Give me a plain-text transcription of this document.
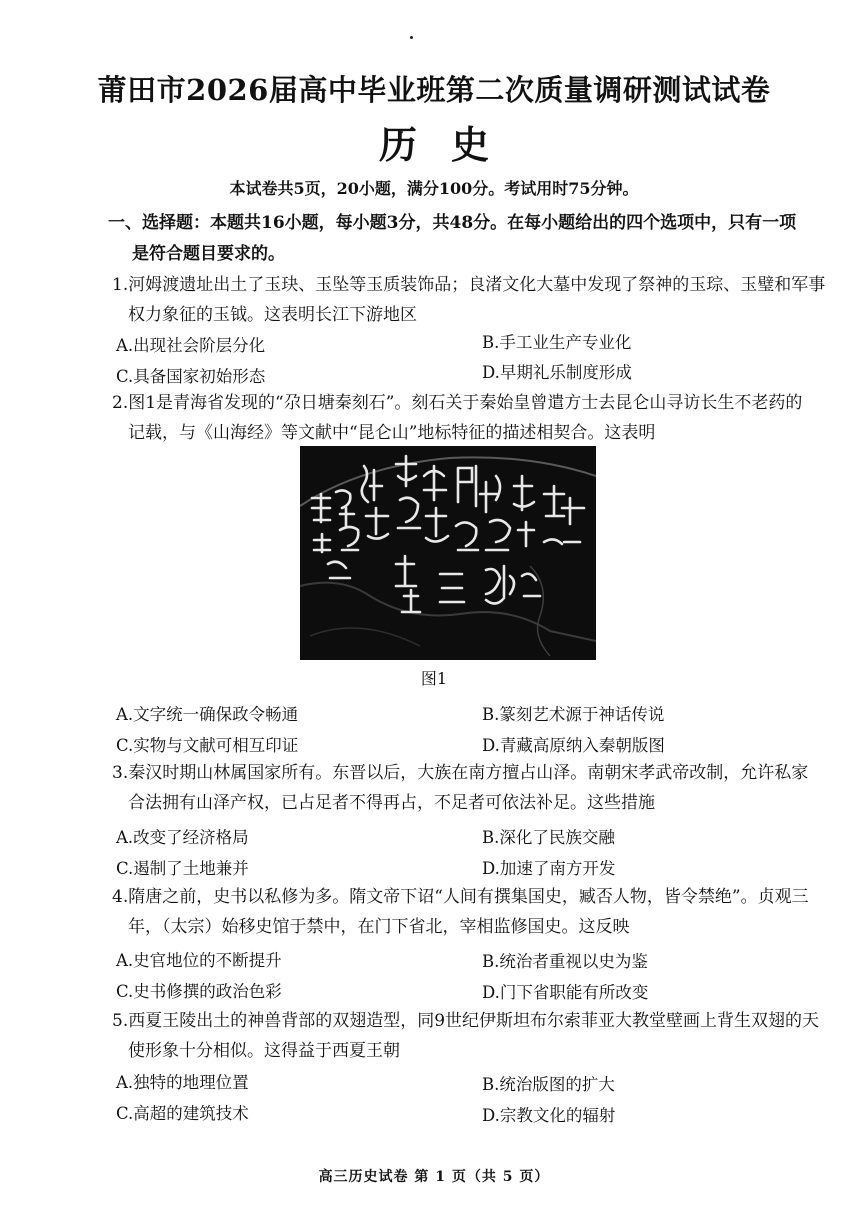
莆田市2026届高中毕业班第二次质量调研测试试卷
历史
本试卷共5页，20小题，满分100分。考试用时75分钟。
一、选择题：本题共16小题，每小题3分，共48分。在每小题给出的四个选项中，只有一项
是符合题目要求的。
1.河姆渡遗址出土了玉玦、玉坠等玉质装饰品；良渚文化大墓中发现了祭神的玉琮、玉璧和军事
权力象征的玉钺。这表明长江下游地区
A.出现社会阶层分化	B.手工业生产专业化
C.具备国家初始形态	D.早期礼乐制度形成
2.图1是青海省发现的“尕日塘秦刻石”。刻石关于秦始皇曾遣方士去昆仑山寻访长生不老药的
记载，与《山海经》等文献中“昆仑山”地标特征的描述相契合。这表明
图1
A.文字统一确保政令畅通	B.篆刻艺术源于神话传说
C.实物与文献可相互印证	D.青藏高原纳入秦朝版图
3.秦汉时期山林属国家所有。东晋以后，大族在南方擅占山泽。南朝宋孝武帝改制，允许私家
合法拥有山泽产权，已占足者不得再占，不足者可依法补足。这些措施
A.改变了经济格局	B.深化了民族交融
C.遏制了土地兼并	D.加速了南方开发
4.隋唐之前，史书以私修为多。隋文帝下诏“人间有撰集国史，臧否人物，皆令禁绝”。贞观三
年，（太宗）始移史馆于禁中，在门下省北，宰相监修国史。这反映
A.史官地位的不断提升	B.统治者重视以史为鉴
C.史书修撰的政治色彩	D.门下省职能有所改变
5.西夏王陵出土的神兽背部的双翅造型，同9世纪伊斯坦布尔索菲亚大教堂壁画上背生双翅的天
使形象十分相似。这得益于西夏王朝
A.独特的地理位置	B.统治版图的扩大
C.高超的建筑技术	D.宗教文化的辐射
高三历史试卷 第 1 页（共 5 页）
